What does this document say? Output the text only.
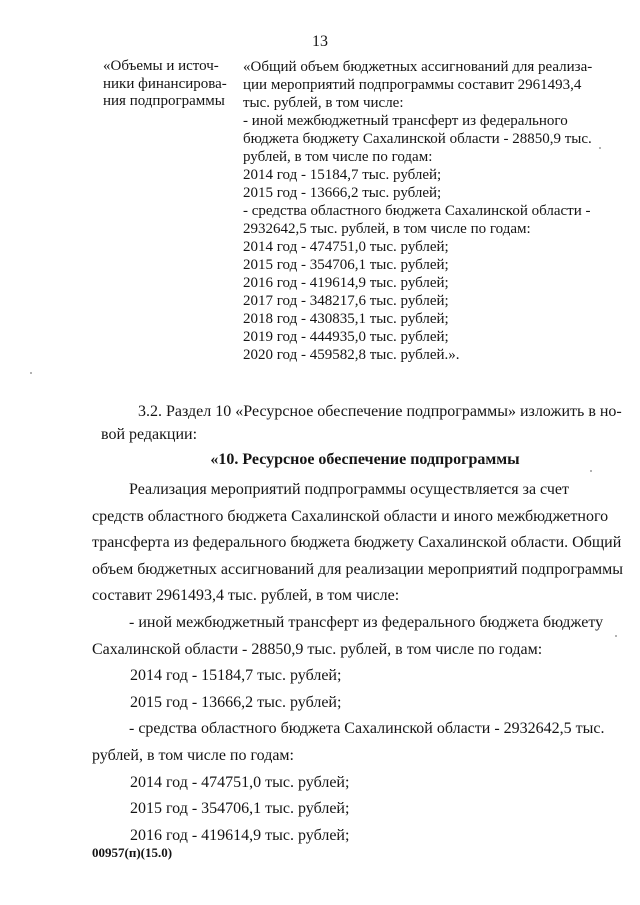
13
«Объемы и источ-
ники финансирова-
ния подпрограммы
«Общий объем бюджетных ассигнований для реализа-
ции мероприятий подпрограммы составит 2961493,4
тыс. рублей, в том числе:
- иной межбюджетный трансферт из федерального
бюджета бюджету Сахалинской области - 28850,9 тыс.
рублей, в том числе по годам:
2014 год - 15184,7 тыс. рублей;
2015 год - 13666,2 тыс. рублей;
- средства областного бюджета Сахалинской области -
2932642,5 тыс. рублей, в том числе по годам:
2014 год - 474751,0 тыс. рублей;
2015 год - 354706,1 тыс. рублей;
2016 год - 419614,9 тыс. рублей;
2017 год - 348217,6 тыс. рублей;
2018 год - 430835,1 тыс. рублей;
2019 год - 444935,0 тыс. рублей;
2020 год - 459582,8 тыс. рублей.».
3.2. Раздел 10 «Ресурсное обеспечение подпрограммы» изложить в но-
вой редакции:
«10. Ресурсное обеспечение подпрограммы
Реализация мероприятий подпрограммы осуществляется за счет
средств областного бюджета Сахалинской области и иного межбюджетного
трансферта из федерального бюджета бюджету Сахалинской области. Общий
объем бюджетных ассигнований для реализации мероприятий подпрограммы
составит 2961493,4 тыс. рублей, в том числе:
- иной межбюджетный трансферт из федерального бюджета бюджету
Сахалинской области - 28850,9 тыс. рублей, в том числе по годам:
2014 год - 15184,7 тыс. рублей;
2015 год - 13666,2 тыс. рублей;
- средства областного бюджета Сахалинской области - 2932642,5 тыс.
рублей, в том числе по годам:
2014 год - 474751,0 тыс. рублей;
2015 год - 354706,1 тыс. рублей;
2016 год - 419614,9 тыс. рублей;
00957(п)(15.0)
